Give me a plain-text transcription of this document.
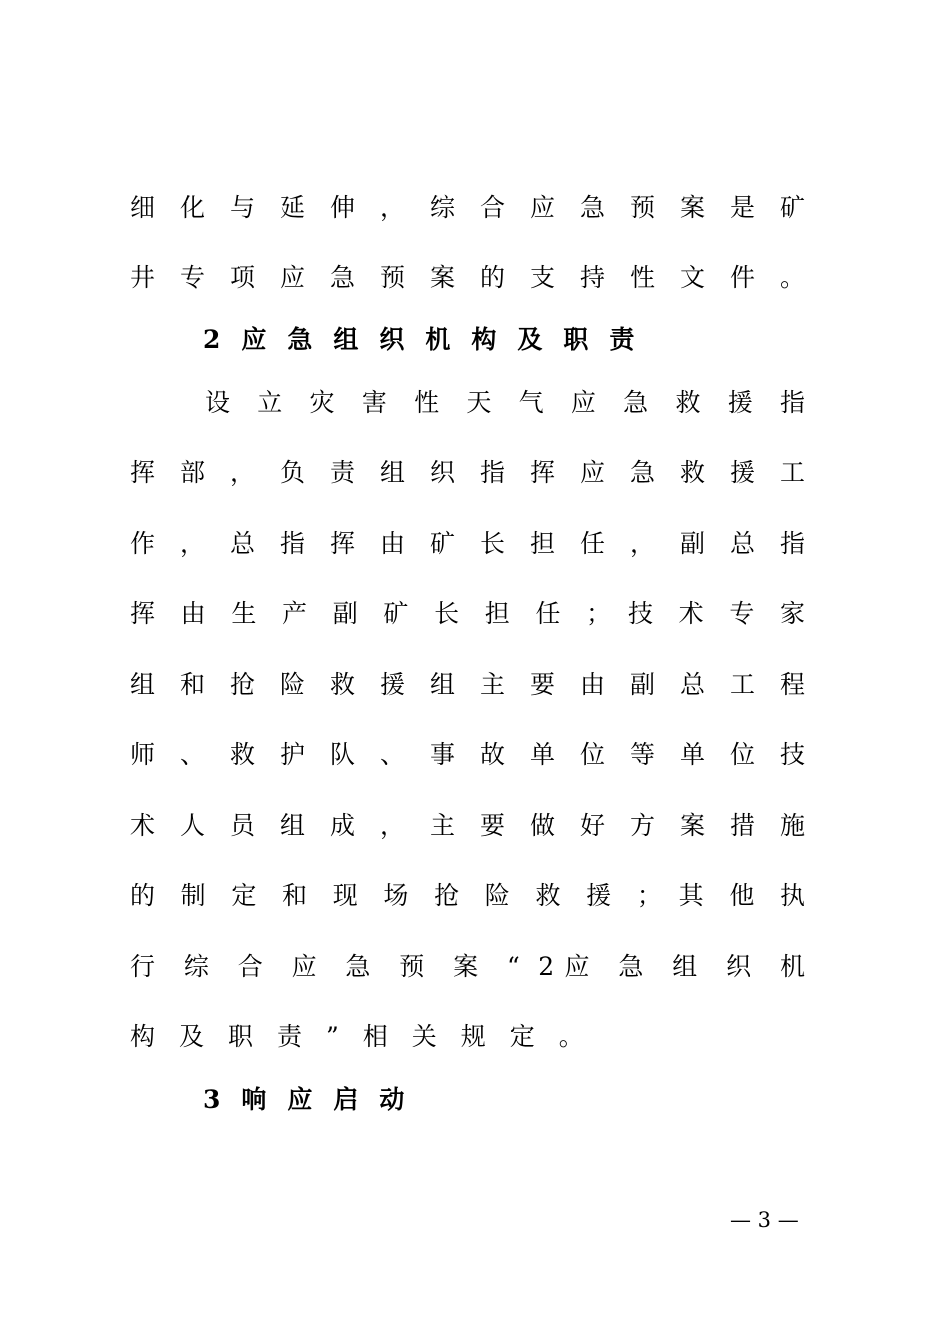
细 化 与 延 伸 ， 综 合 应 急 预 案 是 矿
井 专 项 应 急 预 案 的 支 持 性 文 件 。
2应急组织机构及职责
设 立 灾 害 性 天 气 应 急 救 援 指
挥 部 ， 负 责 组 织 指 挥 应 急 救 援 工
作 ， 总 指 挥 由 矿 长 担 任 ， 副 总 指
挥 由 生 产 副 矿 长 担 任 ； 技 术 专 家
组 和 抢 险 救 援 组 主 要 由 副 总 工 程
师 、 救 护 队 、 事 故 单 位 等 单 位 技
术 人 员 组 成 ， 主 要 做 好 方 案 措 施
的 制 定 和 现 场 抢 险 救 援 ； 其 他 执
行 综 合 应 急 预 案 “ 2应 急 组 织 机
构及职责”相关规定。
3响应启动
— 3 —
